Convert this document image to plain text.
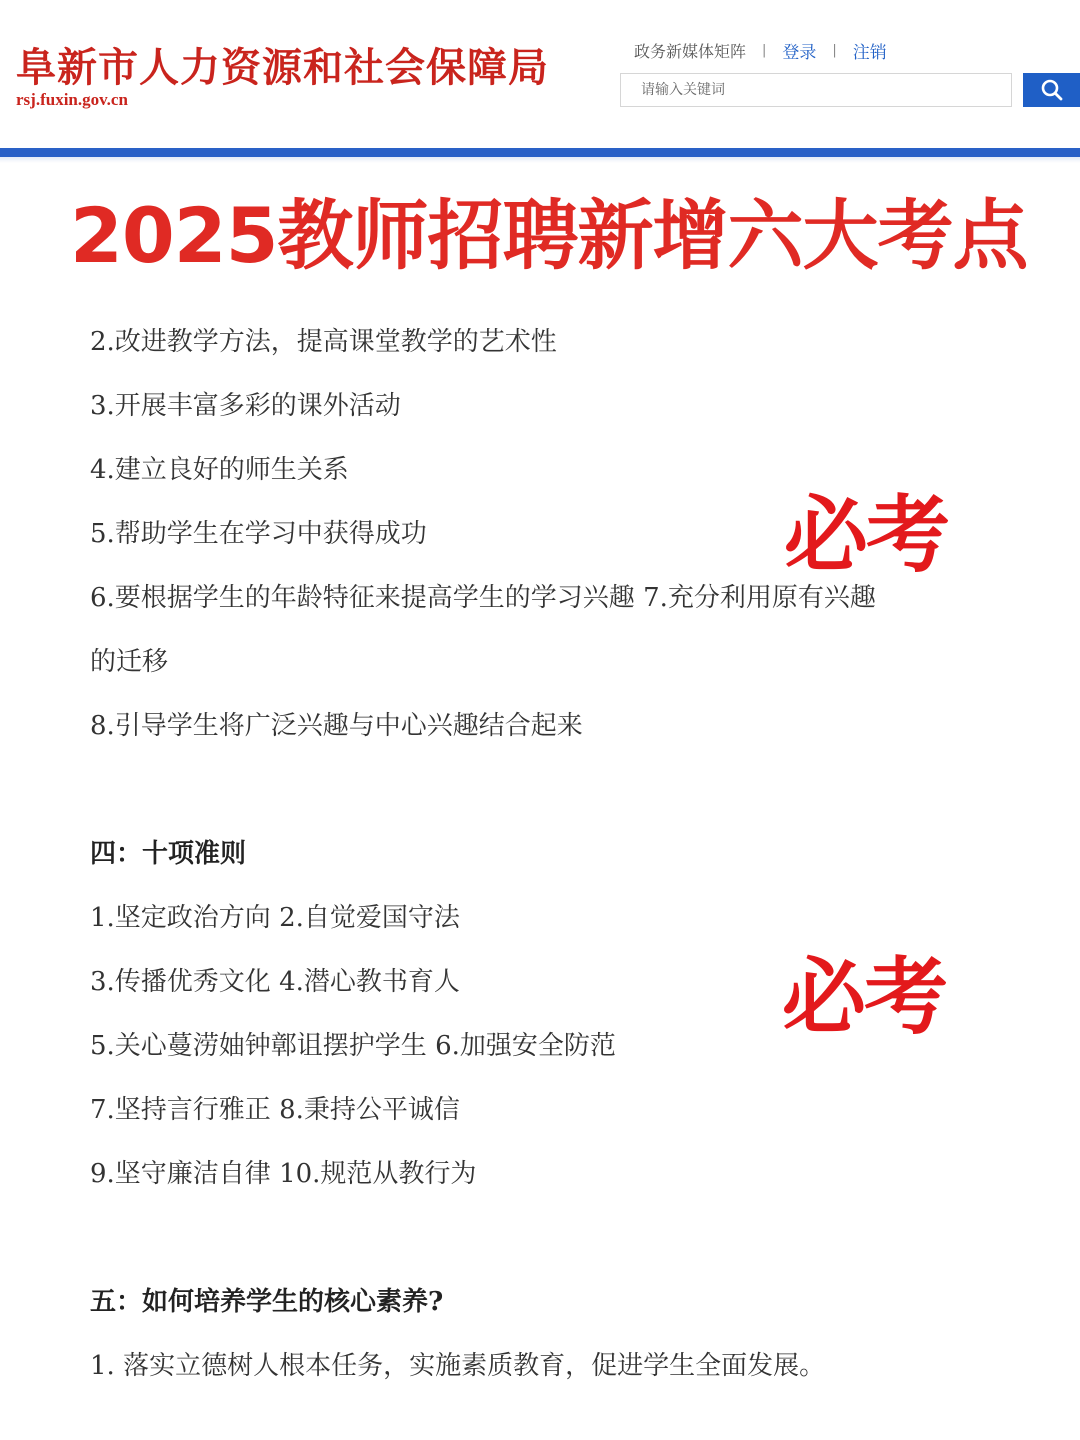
阜新市人力资源和社会保障局
rsj.fuxin.gov.cn
政务新媒体矩阵 | 登录 | 注销
请输入关键词
2025教师招聘新增六大考点
2.改进教学方法，提高课堂教学的艺术性
3.开展丰富多彩的课外活动
4.建立良好的师生关系
5.帮助学生在学习中获得成功
6.要根据学生的年龄特征来提高学生的学习兴趣 7.充分利用原有兴趣
的迁移
8.引导学生将广泛兴趣与中心兴趣结合起来
必考
四：十项准则
1.坚定政治方向 2.自觉爱国守法
3.传播优秀文化 4.潜心教书育人
5.关心蔓涝妯钟鄣诅摆护学生 6.加强安全防范
7.坚持言行雅正 8.秉持公平诚信
9.坚守廉洁自律 10.规范从教行为
必考
五：如何培养学生的核心素养?
1. 落实立德树人根本任务，实施素质教育，促进学生全面发展。
